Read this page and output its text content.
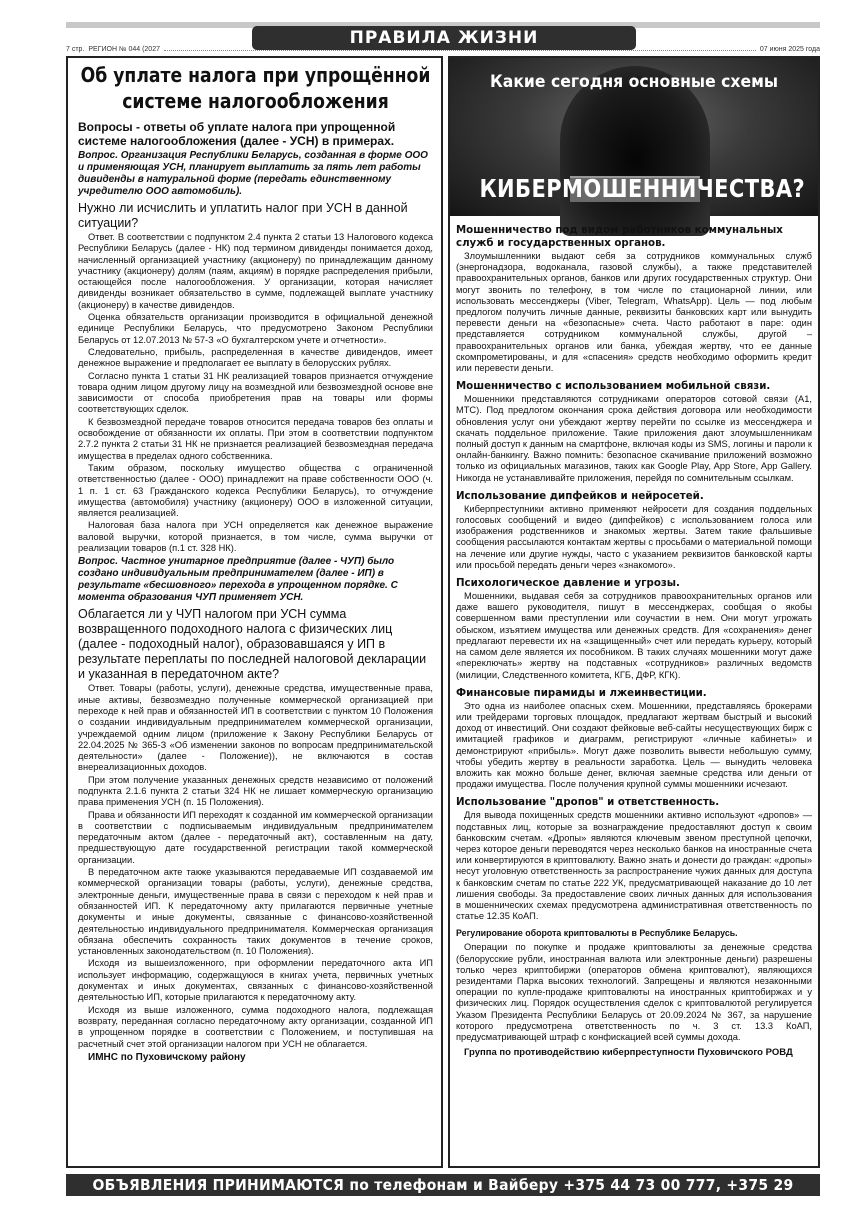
ПРАВИЛА ЖИЗНИ
7 стр. РЕГИОН № 044 (2027	07 июня 2025 года
Об уплате налога при упрощённой системе налогообложения
Вопросы - ответы об уплате налога при упрощенной системе налогообложения (далее - УСН) в примерах.
Вопрос. Организация Республики Беларусь, созданная в форме ООО и применяющая УСН, планирует выплатить за пять лет работы дивиденды в натуральной форме (передать единственному учредителю ООО автомобиль).
Нужно ли исчислить и уплатить налог при УСН в данной ситуации?
Ответ. В соответствии с подпунктом 2.4 пункта 2 статьи 13 Налогового кодекса Республики Беларусь (далее - НК) под термином дивиденды понимается доход, начисленный организацией участнику (акционеру) по принадлежащим данному участнику (акционеру) долям (паям, акциям) в порядке распределения прибыли, остающейся после налогообложения. У организации, которая начисляет дивиденды возникает обязательство в сумме, подлежащей выплате участнику (акционеру) в качестве дивидендов.
Оценка обязательств организации производится в официальной денежной единице Республики Беларусь, что предусмотрено Законом Республики Беларусь от 12.07.2013 № 57-З «О бухгалтерском учете и отчетности».
Следовательно, прибыль, распределенная в качестве дивидендов, имеет денежное выражение и предполагает ее выплату в белорусских рублях.
Согласно пункта 1 статьи 31 НК реализацией товаров признается отчуждение товара одним лицом другому лицу на возмездной или безвозмездной основе вне зависимости от способа приобретения прав на товары или формы соответствующих сделок.
К безвозмездной передаче товаров относится передача товаров без оплаты и освобождение от обязанности их оплаты. При этом в соответствии подпунктом 2.7.2 пункта 2 статьи 31 НК не признается реализацией безвозмездная передача имущества в пределах одного собственника.
Таким образом, поскольку имущество общества с ограниченной ответственностью (далее - ООО) принадлежит на праве собственности ООО (ч. 1 п. 1 ст. 63 Гражданского кодекса Республики Беларусь), то отчуждение имущества (автомобиля) участнику (акционеру) ООО в изложенной ситуации, является реализацией.
Налоговая база налога при УСН определяется как денежное выражение валовой выручки, которой признается, в том числе, сумма выручки от реализации товаров (п.1 ст. 328 НК).
Вопрос. Частное унитарное предприятие (далее - ЧУП) было создано индивидуальным предпринимателем (далее - ИП) в результате «бесшовного» перехода в упрощенном порядке. С момента образования ЧУП применяет УСН.
Облагается ли у ЧУП налогом при УСН сумма возвращенного подоходного налога с физических лиц (далее - подоходный налог), образовавшаяся у ИП в результате переплаты по последней налоговой декларации и указанная в передаточном акте?
Ответ. Товары (работы, услуги), денежные средства, имущественные права, иные активы, безвозмездно полученные коммерческой организацией при переходе к ней прав и обязанностей ИП в соответствии с пунктом 10 Положения о создании индивидуальным предпринимателем коммерческой организации, учреждаемой одним лицом (приложение к Закону Республики Беларусь от 22.04.2025 № 365-З «Об изменении законов по вопросам предпринимательской деятельности» (далее - Положение)), не включаются в состав внереализационных доходов.
При этом получение указанных денежных средств независимо от положений подпункта 2.1.6 пункта 2 статьи 324 НК не лишает коммерческую организацию права применения УСН (п. 15 Положения).
Права и обязанности ИП переходят к созданной им коммерческой организации в соответствии с подписываемым индивидуальным предпринимателем передаточным актом (далее - передаточный акт), составленным на дату, предшествующую дате государственной регистрации такой коммерческой организации.
В передаточном акте также указываются передаваемые ИП создаваемой им коммерческой организации товары (работы, услуги), денежные средства, электронные деньги, имущественные права в связи с переходом к ней прав и обязанностей ИП. К передаточному акту прилагаются первичные учетные документы и иные документы, связанные с финансово-хозяйственной деятельностью индивидуального предпринимателя. Коммерческая организация обязана обеспечить сохранность таких документов в течение сроков, установленных законодательством (п. 10 Положения).
Исходя из вышеизложенного, при оформлении передаточного акта ИП использует информацию, содержащуюся в книгах учета, первичных учетных документах и иных документах, связанных с финансово-хозяйственной деятельностью ИП, которые прилагаются к передаточному акту.
Исходя из выше изложенного, сумма подоходного налога, подлежащая возврату, переданная согласно передаточному акту организации, созданной ИП в упрощенном порядке в соответствии с Положением, и поступившая на расчетный счет этой организации налогом при УСН не облагается.
ИМНС по Пуховичскому району
Какие сегодня основные схемы
КИБЕРМОШЕННИЧЕСТВА?
Мошенничество под видом работников коммунальных служб и государственных органов.
Злоумышленники выдают себя за сотрудников коммунальных служб (энергонадзора, водоканала, газовой службы), а также представителей правоохранительных органов, банков или других государственных структур. Они могут звонить по телефону, в том числе по стационарной линии, или использовать мессенджеры (Viber, Telegram, WhatsApp). Цель — под любым предлогом получить личные данные, реквизиты банковских карт или вынудить перевести деньги на «безопасные» счета. Часто работают в паре: один представляется сотрудником коммунальной службы, другой – правоохранительных органов или банка, убеждая жертву, что ее данные скомпрометированы, и для «спасения» средств необходимо оформить кредит или перевести деньги.
Мошенничество с использованием мобильной связи.
Мошенники представляются сотрудниками операторов сотовой связи (A1, МТС). Под предлогом окончания срока действия договора или необходимости обновления услуг они убеждают жертву перейти по ссылке из мессенджера и скачать поддельное приложение. Такие приложения дают злоумышленникам полный доступ к данным на смартфоне, включая коды из SMS, логины и пароли к онлайн-банкингу. Важно помнить: безопасное скачивание приложений возможно только из официальных магазинов, таких как Google Play, App Store, App Gallery. Никогда не устанавливайте приложения, перейдя по сомнительным ссылкам.
Использование дипфейков и нейросетей.
Киберпреступники активно применяют нейросети для создания поддельных голосовых сообщений и видео (дипфейков) с использованием голоса или изображения родственников и знакомых жертвы. Затем такие фальшивые сообщения рассылаются контактам жертвы с просьбами о материальной помощи на лечение или другие нужды, часто с указанием реквизитов банковской карты или просьбой передать деньги через «знакомого».
Психологическое давление и угрозы.
Мошенники, выдавая себя за сотрудников правоохранительных органов или даже вашего руководителя, пишут в мессенджерах, сообщая о якобы совершенном вами преступлении или соучастии в нем. Они могут угрожать обыском, изъятием имущества или денежных средств. Для «сохранения» денег предлагают перевести их на «защищенный» счет или передать курьеру, который на самом деле является их пособником. В таких случаях мошенники могут даже «переключать» жертву на подставных «сотрудников» различных ведомств (милиции, Следственного комитета, КГБ, ДФР, КГК).
Финансовые пирамиды и лжеинвестиции.
Это одна из наиболее опасных схем. Мошенники, представляясь брокерами или трейдерами торговых площадок, предлагают жертвам быстрый и высокий доход от инвестиций. Они создают фейковые веб-сайты несуществующих бирж с имитацией графиков и диаграмм, регистрируют «личные кабинеты» и демонстрируют «прибыль». Могут даже позволить вывести небольшую сумму, чтобы убедить жертву в реальности заработка. Цель — вынудить человека вложить как можно больше денег, включая заемные средства или деньги от продажи имущества. После получения крупной суммы мошенники исчезают.
Использование "дропов" и ответственность.
Для вывода похищенных средств мошенники активно используют «дропов» — подставных лиц, которые за вознаграждение предоставляют доступ к своим банковским счетам. «Дропы» являются ключевым звеном преступной цепочки, через которое деньги переводятся через несколько банков на иностранные счета или конвертируются в криптовалюту. Важно знать и донести до граждан: «дропы» несут уголовную ответственность за распространение чужих данных для доступа к банковским счетам по статье 222 УК, предусматривающей наказание до 10 лет лишения свободы. За предоставление своих личных данных для использования в мошеннических схемах предусмотрена административная ответственность по статье 12.35 КоАП.
Регулирование оборота криптовалюты в Республике Беларусь.
Операции по покупке и продаже криптовалюты за денежные средства (белорусские рубли, иностранная валюта или электронные деньги) разрешены только через криптобиржи (операторов обмена криптовалют), являющихся резидентами Парка высоких технологий. Запрещены и являются незаконными операции по купле-продаже криптовалюты на иностранных криптобиржах и у физических лиц. Порядок осуществления сделок с криптовалютой регулируется Указом Президента Республики Беларусь от 20.09.2024 № 367, за нарушение которого предусмотрена ответственность по ч. 3 ст. 13.3 КоАП, предусматривающей штраф с конфискацией всей суммы дохода.
Группа по противодействию киберпреступности Пуховичского РОВД
ОБЪЯВЛЕНИЯ ПРИНИМАЮТСЯ по телефонам и Вайберу +375 44 73 00 777, +375 29 35 53 005
